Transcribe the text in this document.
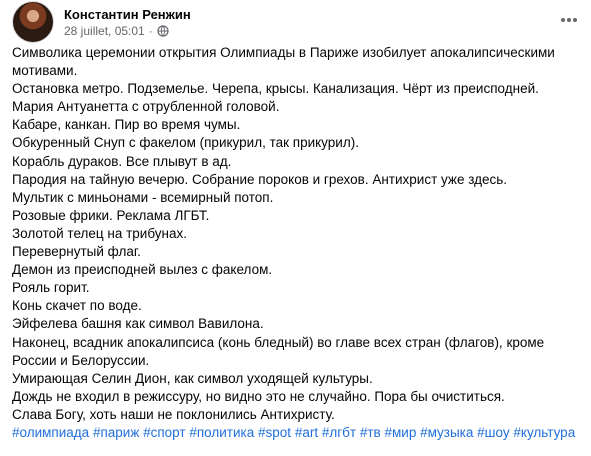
Константин Ренжин
28 juillet, 05:01 ·

Символика церемонии открытия Олимпиады в Париже изобилует апокалипсическими мотивами.

Остановка метро. Подземелье. Черепа, крысы. Канализация. Чёрт из преисподней.

Мария Антуанетта с отрубленной головой.

Кабаре, канкан. Пир во время чумы.

Обкуренный Снуп с факелом (прикурил, так прикурил).

Корабль дураков. Все плывут в ад.

Пародия на тайную вечерю. Собрание пороков и грехов. Антихрист уже здесь.

Мультик с миньонами - всемирный потоп.

Розовые фрики. Реклама ЛГБТ.

Золотой телец на трибунах.

Перевернутый флаг.

Демон из преисподней вылез с факелом.

Рояль горит.

Конь скачет по воде.

Эйфелева башня как символ Вавилона.

Наконец, всадник апокалипсиса (конь бледный) во главе всех стран (флагов), кроме России и Белоруссии.

Умирающая Селин Дион, как символ уходящей культуры.

Дождь не входил в режиссуру, но видно это не случайно. Пора бы очиститься.

Слава Богу, хоть наши не поклонились Антихристу.

#олимпиада #париж #спорт #политика #spot #art #лгбт #тв #мир #музыка #шоу #культура
